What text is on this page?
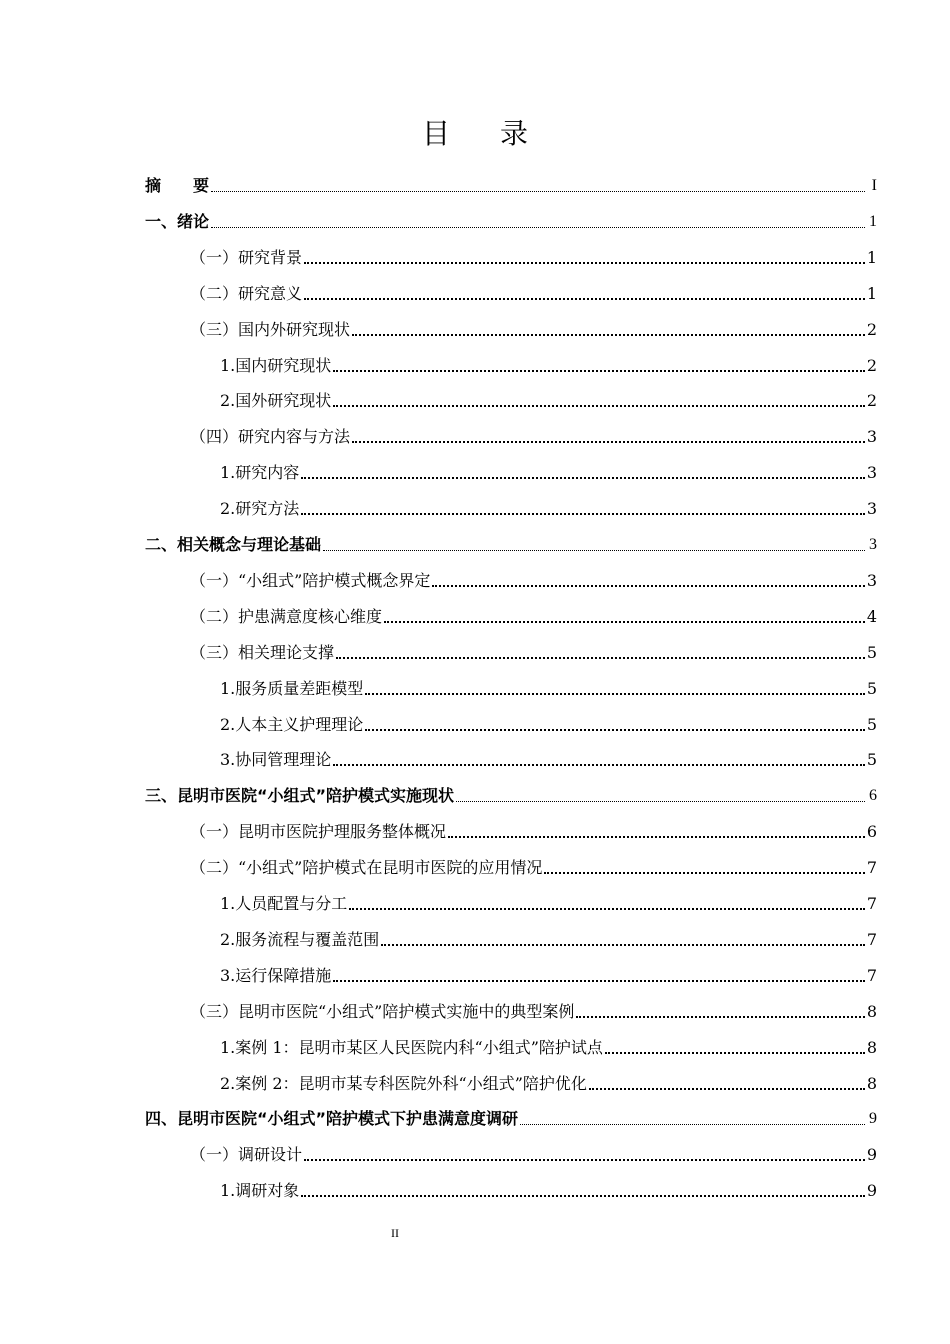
目 录
摘　　要	I
一、绪论	1
（一）研究背景	1
（二）研究意义	1
（三）国内外研究现状	2
1.国内研究现状	2
2.国外研究现状	2
（四）研究内容与方法	3
1.研究内容	3
2.研究方法	3
二、相关概念与理论基础	3
（一）“小组式”陪护模式概念界定	3
（二）护患满意度核心维度	4
（三）相关理论支撑	5
1.服务质量差距模型	5
2.人本主义护理理论	5
3.协同管理理论	5
三、昆明市医院“小组式”陪护模式实施现状	6
（一）昆明市医院护理服务整体概况	6
（二）“小组式”陪护模式在昆明市医院的应用情况	7
1.人员配置与分工	7
2.服务流程与覆盖范围	7
3.运行保障措施	7
（三）昆明市医院“小组式”陪护模式实施中的典型案例	8
1.案例 1：昆明市某区人民医院内科“小组式”陪护试点	8
2.案例 2：昆明市某专科医院外科“小组式”陪护优化	8
四、昆明市医院“小组式”陪护模式下护患满意度调研	9
（一）调研设计	9
1.调研对象	9
II
